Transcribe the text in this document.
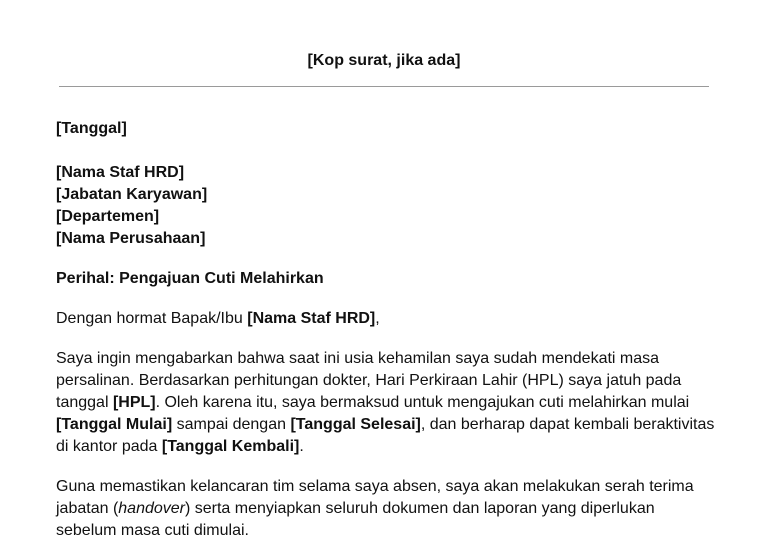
[Kop surat, jika ada]
[Tanggal]
[Nama Staf HRD]
[Jabatan Karyawan]
[Departemen]
[Nama Perusahaan]
Perihal: Pengajuan Cuti Melahirkan
Dengan hormat Bapak/Ibu [Nama Staf HRD],

Saya ingin mengabarkan bahwa saat ini usia kehamilan saya sudah mendekati masa persalinan. Berdasarkan perhitungan dokter, Hari Perkiraan Lahir (HPL) saya jatuh pada tanggal [HPL]. Oleh karena itu, saya bermaksud untuk mengajukan cuti melahirkan mulai [Tanggal Mulai] sampai dengan [Tanggal Selesai], dan berharap dapat kembali beraktivitas di kantor pada [Tanggal Kembali].

Guna memastikan kelancaran tim selama saya absen, saya akan melakukan serah terima jabatan (handover) serta menyiapkan seluruh dokumen dan laporan yang diperlukan sebelum masa cuti dimulai.
